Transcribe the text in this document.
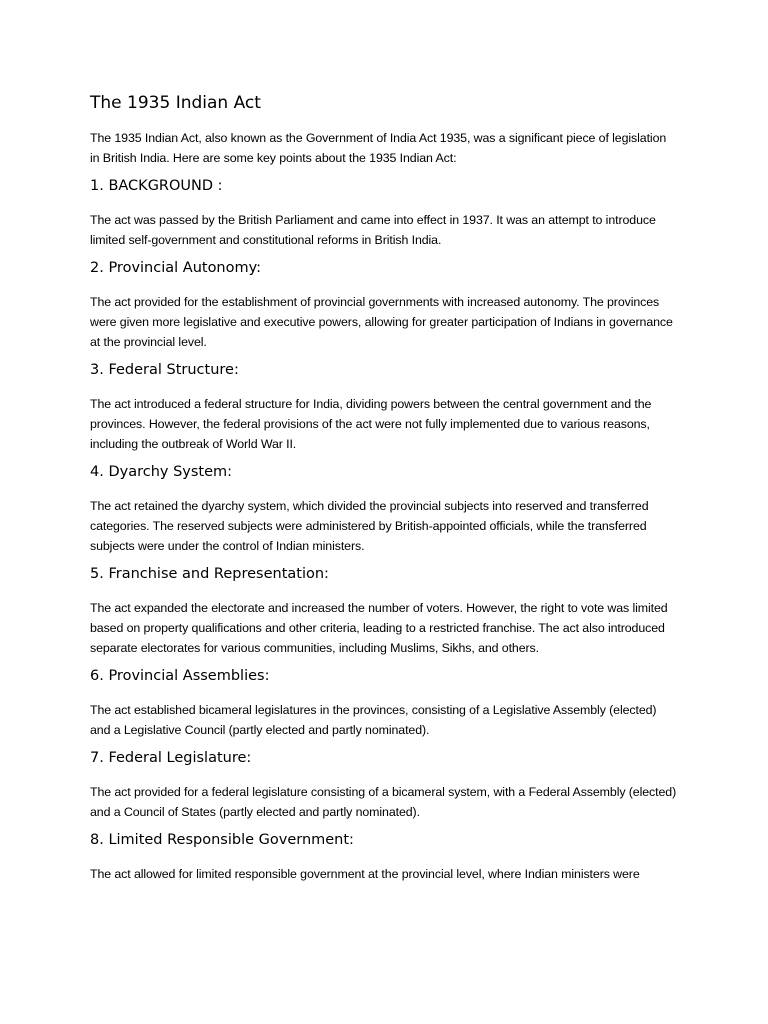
The 1935 Indian Act

The 1935 Indian Act, also known as the Government of India Act 1935, was a significant piece of legislation in British India. Here are some key points about the 1935 Indian Act:

1. BACKGROUND :

The act was passed by the British Parliament and came into effect in 1937. It was an attempt to introduce limited self-government and constitutional reforms in British India.

2. Provincial Autonomy:

The act provided for the establishment of provincial governments with increased autonomy. The provinces were given more legislative and executive powers, allowing for greater participation of Indians in governance at the provincial level.

3. Federal Structure:

The act introduced a federal structure for India, dividing powers between the central government and the provinces. However, the federal provisions of the act were not fully implemented due to various reasons, including the outbreak of World War II.

4. Dyarchy System:

The act retained the dyarchy system, which divided the provincial subjects into reserved and transferred categories. The reserved subjects were administered by British-appointed officials, while the transferred subjects were under the control of Indian ministers.

5. Franchise and Representation:

The act expanded the electorate and increased the number of voters. However, the right to vote was limited based on property qualifications and other criteria, leading to a restricted franchise. The act also introduced separate electorates for various communities, including Muslims, Sikhs, and others.

6. Provincial Assemblies:

The act established bicameral legislatures in the provinces, consisting of a Legislative Assembly (elected) and a Legislative Council (partly elected and partly nominated).

7. Federal Legislature:

The act provided for a federal legislature consisting of a bicameral system, with a Federal Assembly (elected) and a Council of States (partly elected and partly nominated).

8. Limited Responsible Government:

The act allowed for limited responsible government at the provincial level, where Indian ministers were
